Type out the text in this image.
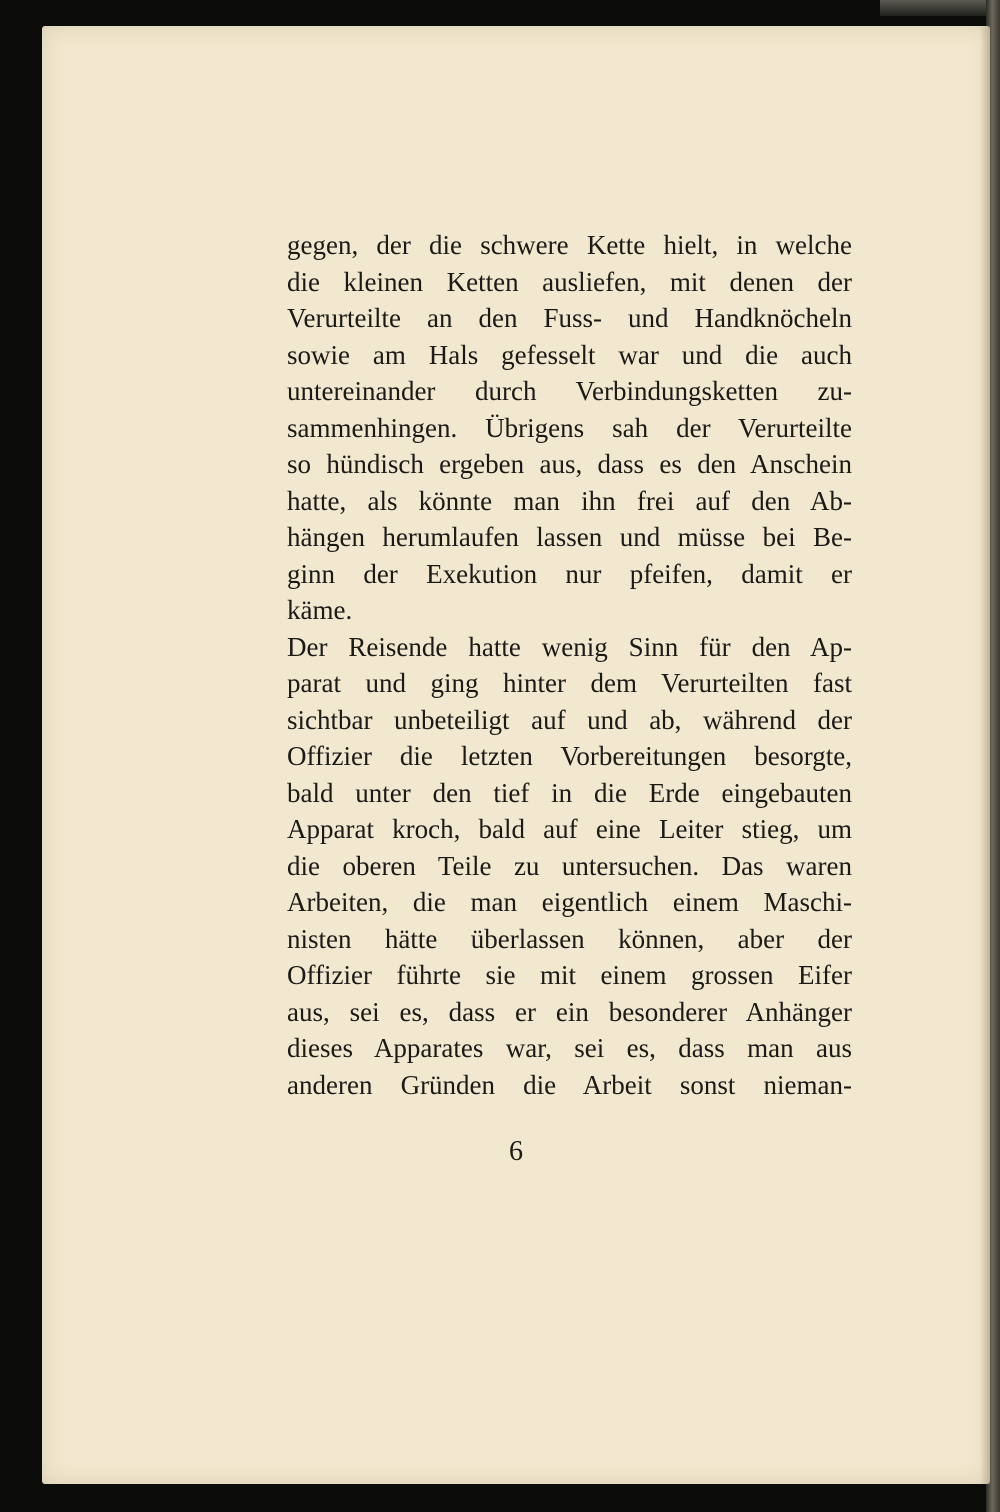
gegen, der die schwere Kette hielt, in welche
die kleinen Ketten ausliefen, mit denen der
Verurteilte an den Fuss- und Handknöcheln
sowie am Hals gefesselt war und die auch
untereinander durch Verbindungsketten zu-
sammenhingen. Übrigens sah der Verurteilte
so hündisch ergeben aus, dass es den Anschein
hatte, als könnte man ihn frei auf den Ab-
hängen herumlaufen lassen und müsse bei Be-
ginn der Exekution nur pfeifen, damit er
käme.
Der Reisende hatte wenig Sinn für den Ap-
parat und ging hinter dem Verurteilten fast
sichtbar unbeteiligt auf und ab, während der
Offizier die letzten Vorbereitungen besorgte,
bald unter den tief in die Erde eingebauten
Apparat kroch, bald auf eine Leiter stieg, um
die oberen Teile zu untersuchen. Das waren
Arbeiten, die man eigentlich einem Maschi-
nisten hätte überlassen können, aber der
Offizier führte sie mit einem grossen Eifer
aus, sei es, dass er ein besonderer Anhänger
dieses Apparates war, sei es, dass man aus
anderen Gründen die Arbeit sonst nieman-
6
